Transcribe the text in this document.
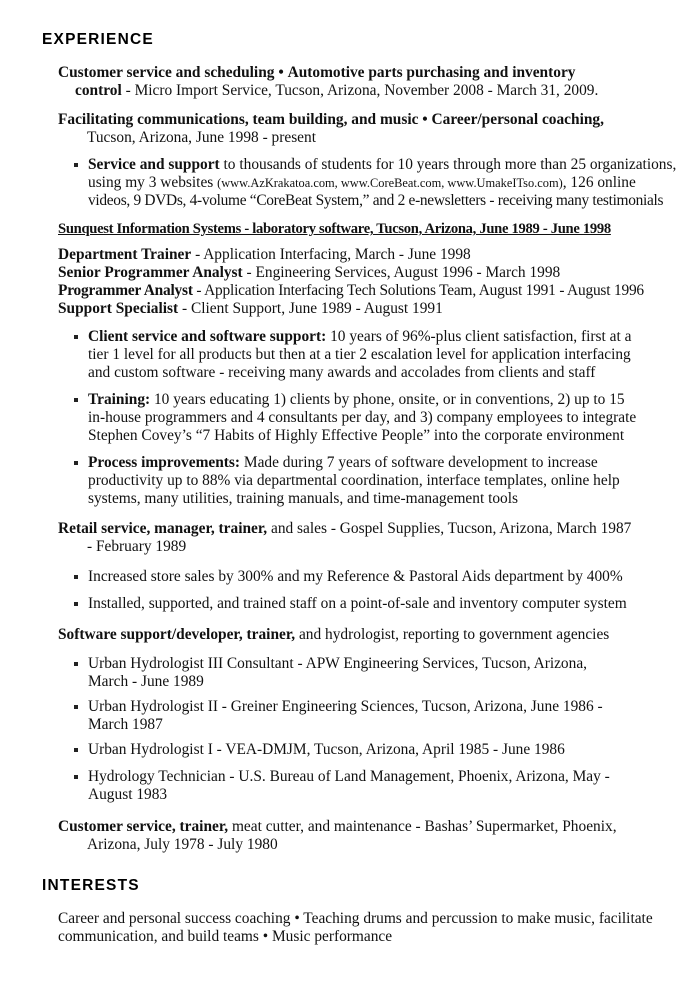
EXPERIENCE
Customer service and scheduling • Automotive parts purchasing and inventory
control - Micro Import Service, Tucson, Arizona, November 2008 - March 31, 2009.
Facilitating communications, team building, and music • Career/personal coaching,
Tucson, Arizona, June 1998 - present
Service and support to thousands of students for 10 years through more than 25 organizations,
using my 3 websites (www.AzKrakatoa.com, www.CoreBeat.com, www.UmakeITso.com), 126 online
videos, 9 DVDs, 4-volume “CoreBeat System,” and 2 e-newsletters - receiving many testimonials
Sunquest Information Systems - laboratory software, Tucson, Arizona, June 1989 - June 1998
Department Trainer - Application Interfacing, March - June 1998
Senior Programmer Analyst - Engineering Services, August 1996 - March 1998
Programmer Analyst - Application Interfacing Tech Solutions Team, August 1991 - August 1996
Support Specialist - Client Support, June 1989 - August 1991
Client service and software support: 10 years of 96%-plus client satisfaction, first at a
tier 1 level for all products but then at a tier 2 escalation level for application interfacing
and custom software - receiving many awards and accolades from clients and staff
Training: 10 years educating 1) clients by phone, onsite, or in conventions, 2) up to 15
in-house programmers and 4 consultants per day, and 3) company employees to integrate
Stephen Covey’s “7 Habits of Highly Effective People” into the corporate environment
Process improvements: Made during 7 years of software development to increase
productivity up to 88% via departmental coordination, interface templates, online help
systems, many utilities, training manuals, and time-management tools
Retail service, manager, trainer, and sales - Gospel Supplies, Tucson, Arizona, March 1987
- February 1989
Increased store sales by 300% and my Reference & Pastoral Aids department by 400%
Installed, supported, and trained staff on a point-of-sale and inventory computer system
Software support/developer, trainer, and hydrologist, reporting to government agencies
Urban Hydrologist III Consultant - APW Engineering Services, Tucson, Arizona,
March - June 1989
Urban Hydrologist II - Greiner Engineering Sciences, Tucson, Arizona, June 1986 -
March 1987
Urban Hydrologist I - VEA-DMJM, Tucson, Arizona, April 1985 - June 1986
Hydrology Technician - U.S. Bureau of Land Management, Phoenix, Arizona, May -
August 1983
Customer service, trainer, meat cutter, and maintenance - Bashas’ Supermarket, Phoenix,
Arizona, July 1978 - July 1980
INTERESTS
Career and personal success coaching • Teaching drums and percussion to make music, facilitate
communication, and build teams • Music performance
